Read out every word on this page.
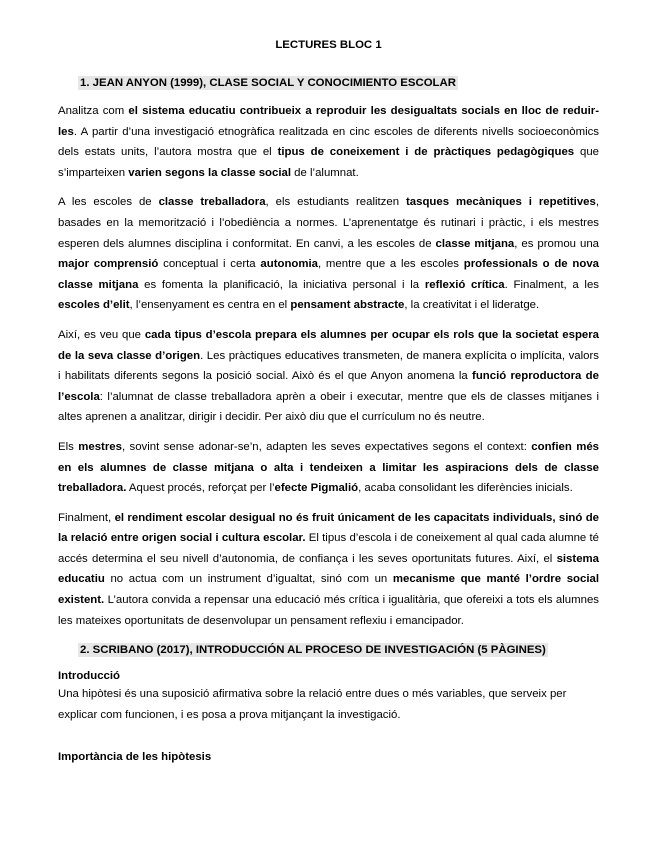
LECTURES BLOC 1
1. JEAN ANYON (1999), CLASE SOCIAL Y CONOCIMIENTO ESCOLAR

Analitza com el sistema educatiu contribueix a reproduir les desigualtats socials en lloc de reduir-les. A partir d’una investigació etnogràfica realitzada en cinc escoles de diferents nivells socioeconòmics dels estats units, l’autora mostra que el tipus de coneixement i de pràctiques pedagògiques que s’imparteixen varien segons la classe social de l’alumnat.

A les escoles de classe treballadora, els estudiants realitzen tasques mecàniques i repetitives, basades en la memorització i l’obediència a normes. L’aprenentatge és rutinari i pràctic, i els mestres esperen dels alumnes disciplina i conformitat. En canvi, a les escoles de classe mitjana, es promou una major comprensió conceptual i certa autonomia, mentre que a les escoles professionals o de nova classe mitjana es fomenta la planificació, la iniciativa personal i la reflexió crítica. Finalment, a les escoles d’elit, l’ensenyament es centra en el pensament abstracte, la creativitat i el lideratge.

Així, es veu que cada tipus d’escola prepara els alumnes per ocupar els rols que la societat espera de la seva classe d’origen. Les pràctiques educatives transmeten, de manera explícita o implícita, valors i habilitats diferents segons la posició social. Això és el que Anyon anomena la funció reproductora de l’escola: l’alumnat de classe treballadora aprèn a obeir i executar, mentre que els de classes mitjanes i altes aprenen a analitzar, dirigir i decidir. Per això diu que el currículum no és neutre.

Els mestres, sovint sense adonar-se’n, adapten les seves expectatives segons el context: confien més en els alumnes de classe mitjana o alta i tendeixen a limitar les aspiracions dels de classe treballadora. Aquest procés, reforçat per l’efecte Pigmalió, acaba consolidant les diferències inicials.

Finalment, el rendiment escolar desigual no és fruit únicament de les capacitats individuals, sinó de la relació entre origen social i cultura escolar. El tipus d’escola i de coneixement al qual cada alumne té accés determina el seu nivell d’autonomia, de confiança i les seves oportunitats futures. Així, el sistema educatiu no actua com un instrument d’igualtat, sinó com un mecanisme que manté l’ordre social existent. L’autora convida a repensar una educació més crítica i igualitària, que ofereixi a tots els alumnes les mateixes oportunitats de desenvolupar un pensament reflexiu i emancipador.

2. SCRIBANO (2017), INTRODUCCIÓN AL PROCESO DE INVESTIGACIÓN (5 PÀGINES)
Introducció

Una hipòtesi és una suposició afirmativa sobre la relació entre dues o més variables, que serveix per explicar com funcionen, i es posa a prova mitjançant la investigació.

Importància de les hipòtesis
